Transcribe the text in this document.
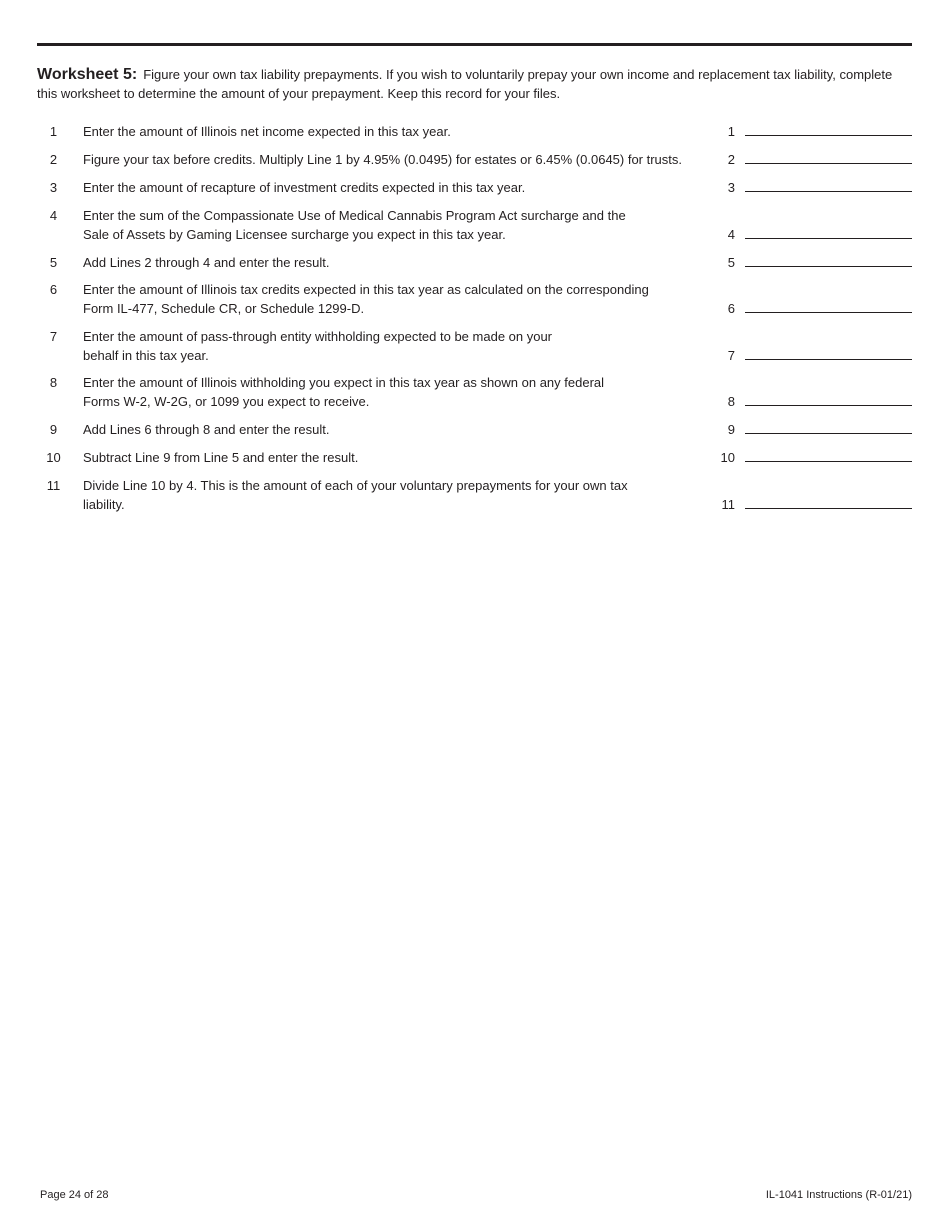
Worksheet 5: Figure your own tax liability prepayments. If you wish to voluntarily prepay your own income and replacement tax liability, complete this worksheet to determine the amount of your prepayment. Keep this record for your files.
1	Enter the amount of Illinois net income expected in this tax year.	1
2	Figure your tax before credits. Multiply Line 1 by 4.95% (0.0495) for estates or 6.45% (0.0645) for trusts.	2
3	Enter the amount of recapture of investment credits expected in this tax year.	3
4	Enter the sum of the Compassionate Use of Medical Cannabis Program Act surcharge and the
Sale of Assets by Gaming Licensee surcharge you expect in this tax year.	4
5	Add Lines 2 through 4 and enter the result.	5
6	Enter the amount of Illinois tax credits expected in this tax year as calculated on the corresponding
Form IL-477, Schedule CR, or Schedule 1299-D.	6
7	Enter the amount of pass-through entity withholding expected to be made on your
behalf in this tax year.	7
8	Enter the amount of Illinois withholding you expect in this tax year as shown on any federal
Forms W-2, W-2G, or 1099 you expect to receive.	8
9	Add Lines 6 through 8 and enter the result.	9
10	Subtract Line 9 from Line 5 and enter the result.	10
11	Divide Line 10 by 4. This is the amount of each of your voluntary prepayments for your own tax
liability.	11
Page 24 of 28	IL-1041 Instructions (R-01/21)
